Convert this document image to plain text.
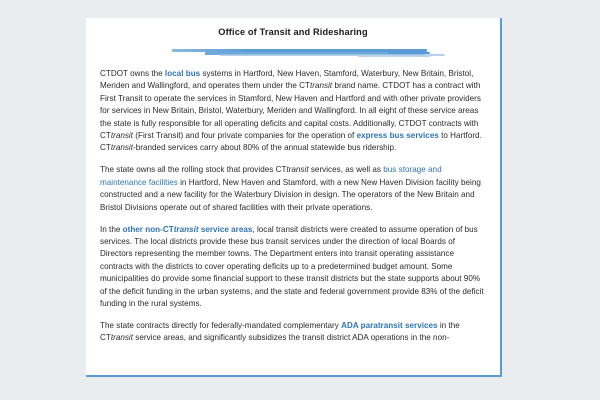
Office of Transit and Ridesharing

CTDOT owns the local bus systems in Hartford, New Haven, Stamford, Waterbury, New Britain, Bristol, Meriden and Wallingford, and operates them under the CTtransit brand name. CTDOT has a contract with First Transit to operate the services in Stamford, New Haven and Hartford and with other private providers for services in New Britain, Bristol, Waterbury, Meriden and Wallingford. In all eight of these service areas the state is fully responsible for all operating deficits and capital costs. Additionally, CTDOT contracts with CTtransit (First Transit) and four private companies for the operation of express bus services to Hartford. CTtransit-branded services carry about 80% of the annual statewide bus ridership.

The state owns all the rolling stock that provides CTtransit services, as well as bus storage and maintenance facilities in Hartford, New Haven and Stamford, with a new New Haven Division facility being constructed and a new facility for the Waterbury Division in design. The operators of the New Britain and Bristol Divisions operate out of shared facilities with their private operations.

In the other non-CTtransit service areas, local transit districts were created to assume operation of bus services. The local districts provide these bus transit services under the direction of local Boards of Directors representing the member towns. The Department enters into transit operating assistance contracts with the districts to cover operating deficits up to a predetermined budget amount. Some municipalities do provide some financial support to these transit districts but the state supports about 90% of the deficit funding in the urban systems, and the state and federal government provide 83% of the deficit funding in the rural systems.

The state contracts directly for federally-mandated complementary ADA paratransit services in the CTtransit service areas, and significantly subsidizes the transit district ADA operations in the non-
